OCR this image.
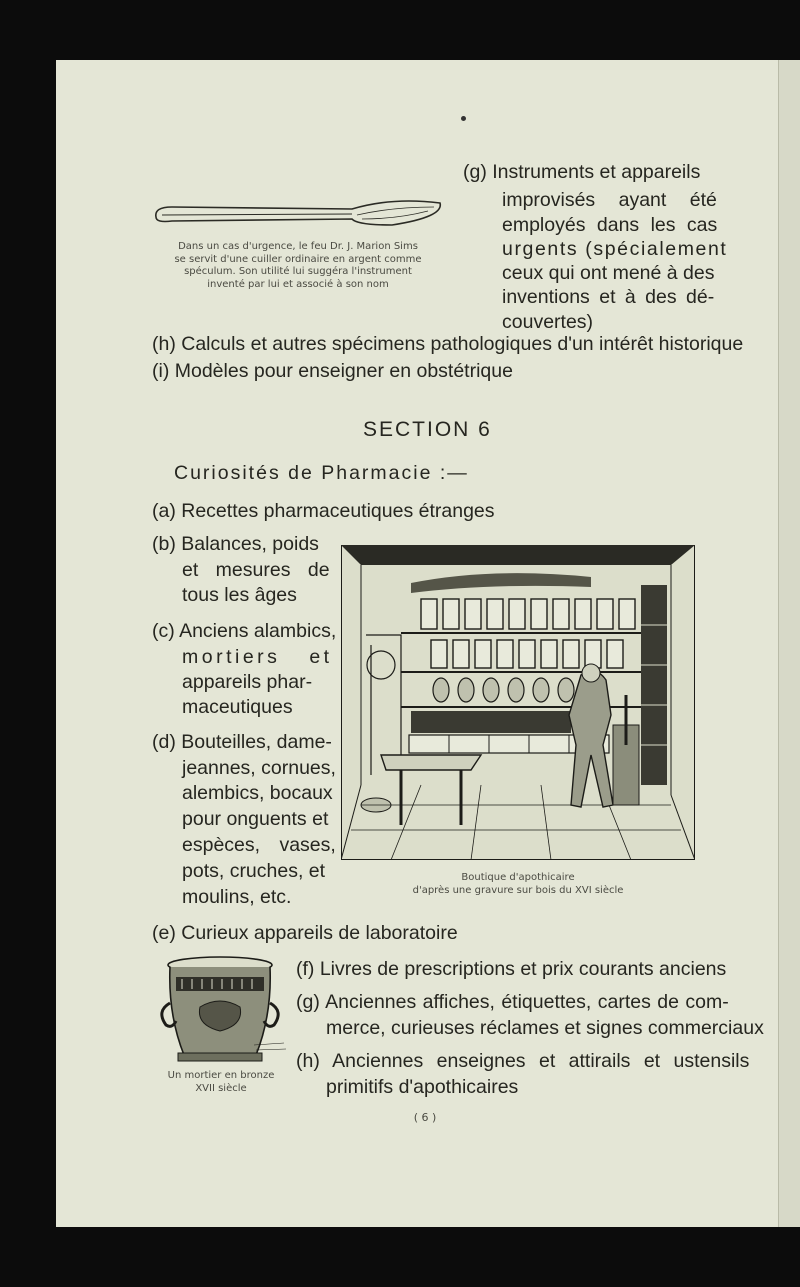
Dans un cas d'urgence, le feu Dr. J. Marion Sims
se servit d'une cuiller ordinaire en argent comme
spéculum. Son utilité lui suggéra l'instrument
inventé par lui et associé à son nom
(g) Instruments et appareils
improvisés ayant été
employés dans les cas
urgents (spécialement
ceux qui ont mené à des
inventions et à des dé-
couvertes)
(h) Calculs et autres spécimens pathologiques d'un intérêt historique
(i) Modèles pour enseigner en obstétrique
SECTION 6
Curiosités de Pharmacie :—
(a) Recettes pharmaceutiques étranges
(b) Balances, poids
et mesures de
tous les âges
(c) Anciens alambics,
mortiers et
appareils phar-
maceutiques
(d) Bouteilles, dame-
jeannes, cornues,
alembics, bocaux
pour onguents et
espèces, vases,
pots, cruches, et
moulins, etc.
Boutique d'apothicaire
d'après une gravure sur bois du XVI siècle
(e) Curieux appareils de laboratoire
Un mortier en bronze
XVII siècle
(f) Livres de prescriptions et prix courants anciens
(g) Anciennes affiches, étiquettes, cartes de com-
merce, curieuses réclames et signes commerciaux
(h) Anciennes enseignes et attirails et ustensils
primitifs d'apothicaires
( 6 )
